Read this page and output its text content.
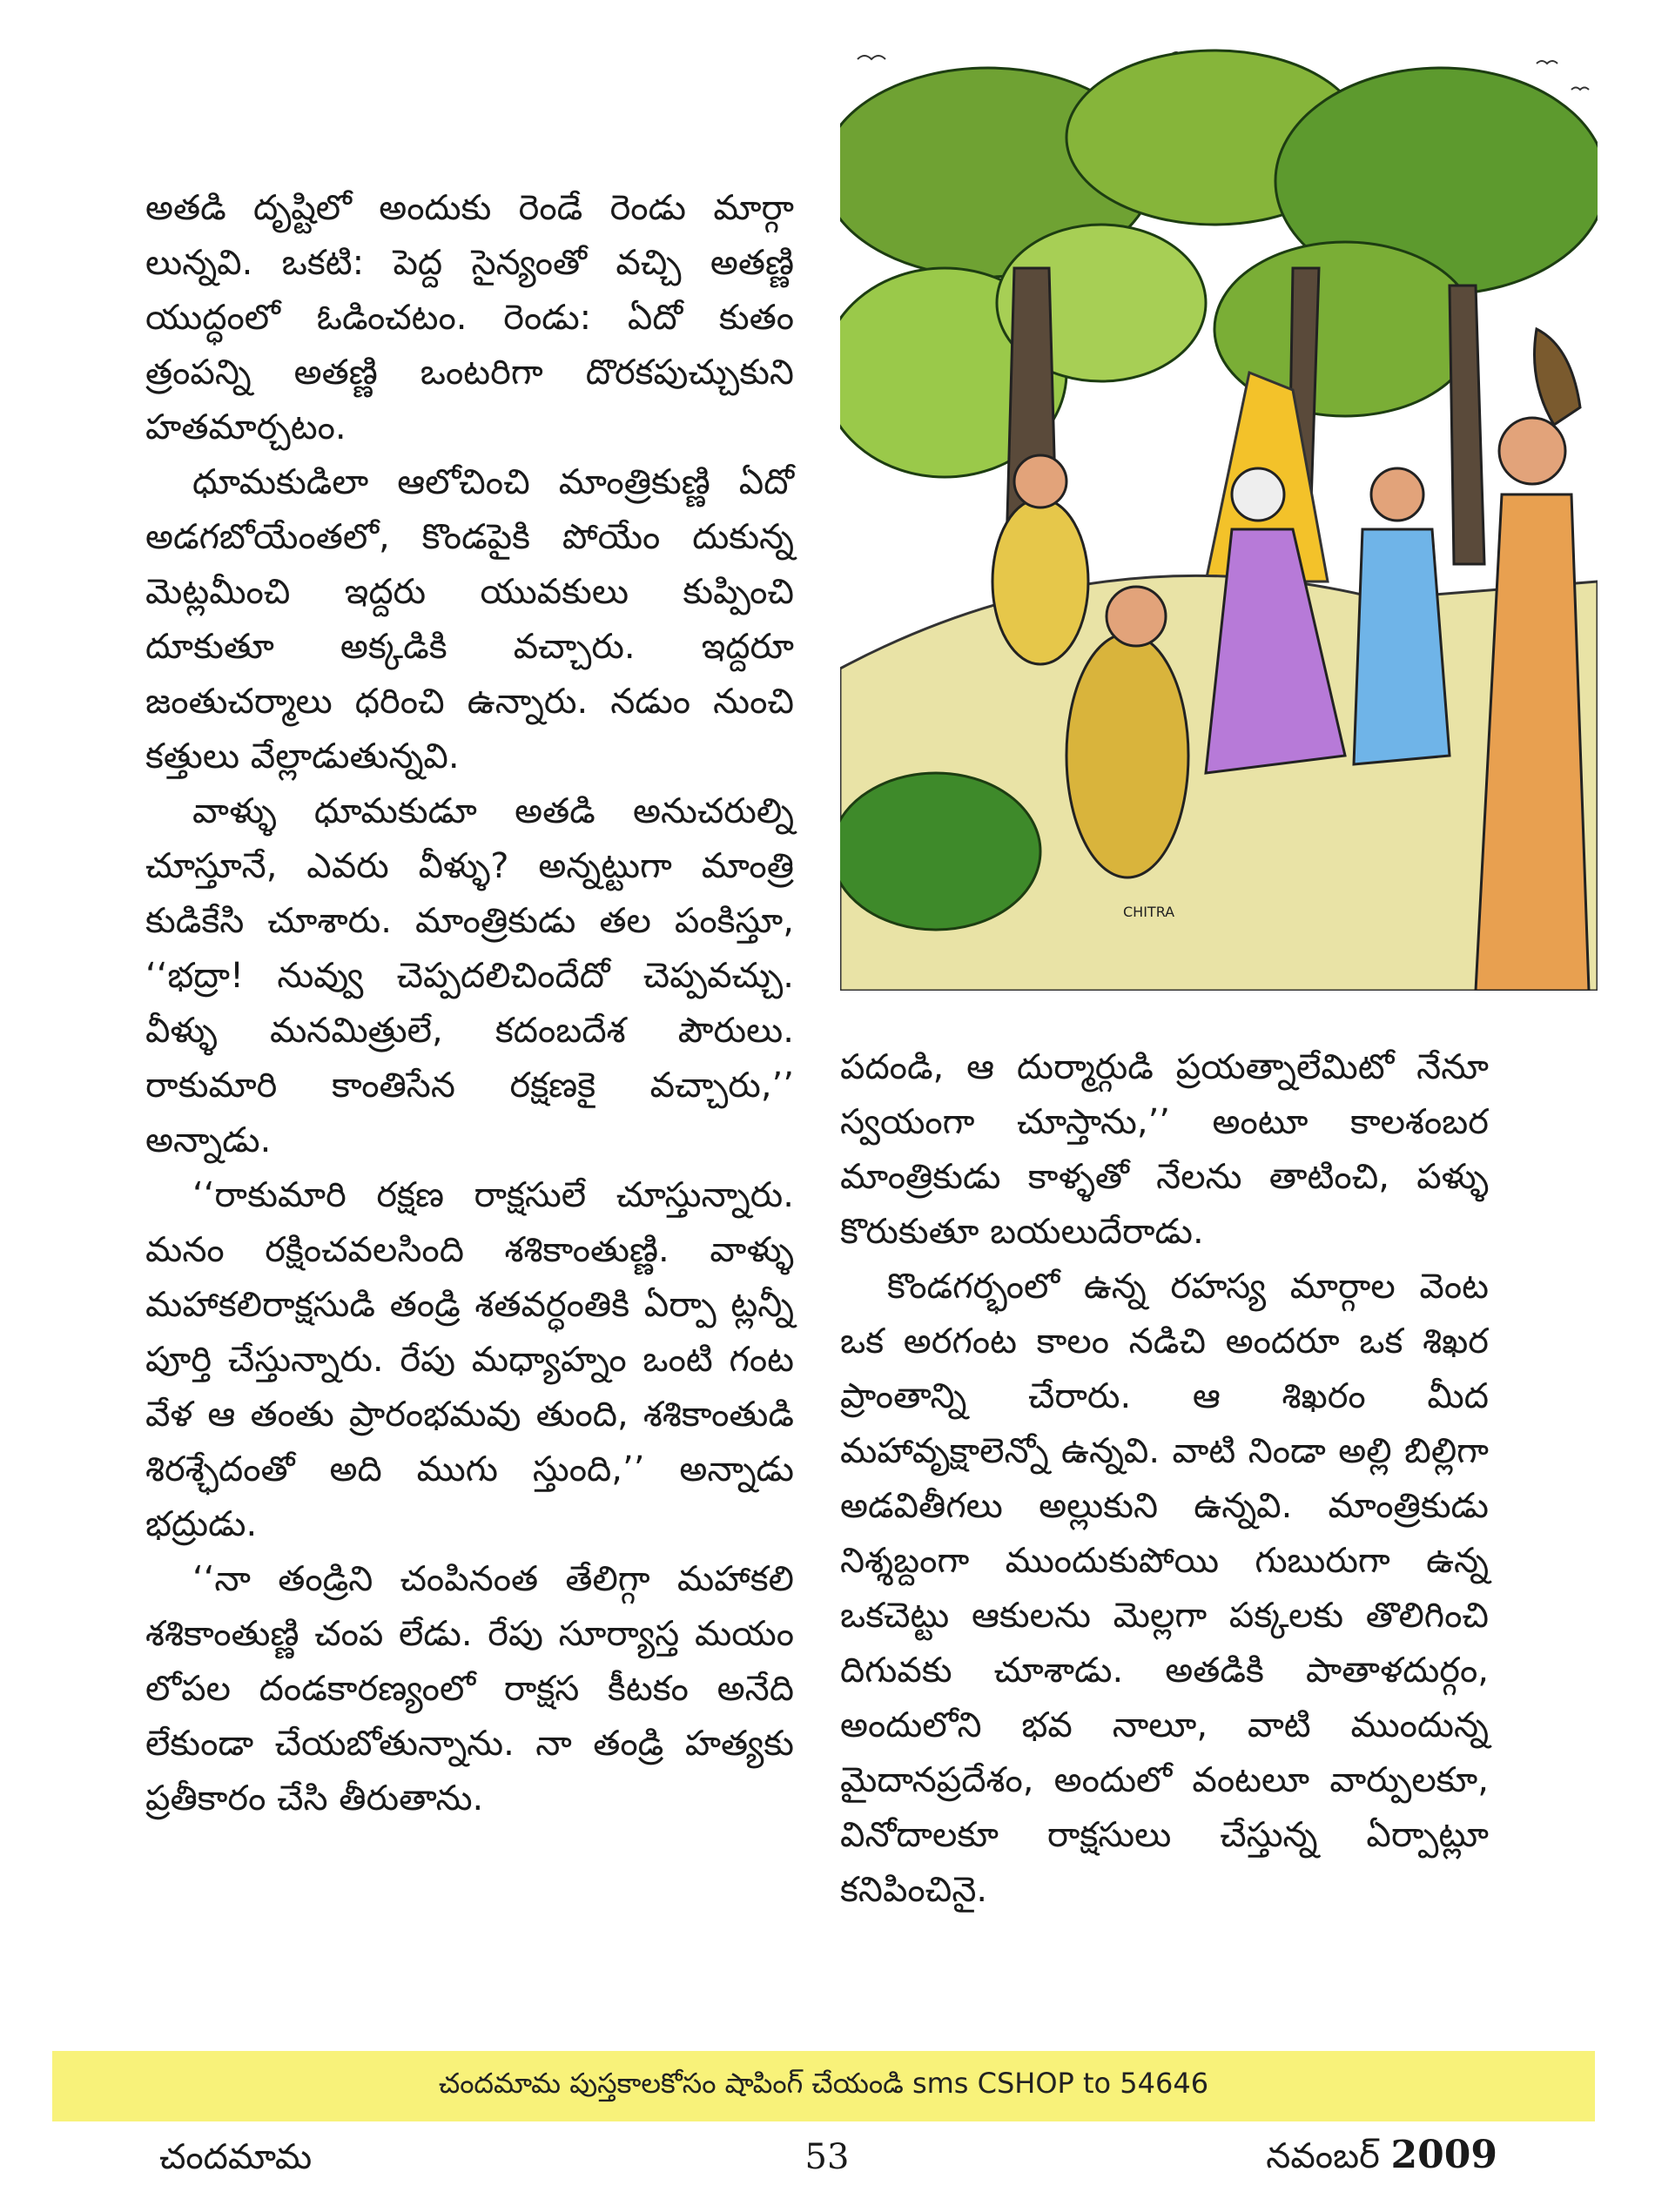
అతడి దృష్టిలో అందుకు రెండే రెండు మార్గా లున్నవి. ఒకటి: పెద్ద సైన్యంతో వచ్చి అతణ్ణి యుద్ధంలో ఓడించటం. రెండు: ఏదో కుతం త్రంపన్ని అతణ్ణి ఒంటరిగా దొరకపుచ్చుకుని హతమార్చటం.

ధూమకుడిలా ఆలోచించి మాంత్రికుణ్ణి ఏదో అడగబోయేంతలో, కొండపైకి పోయేం దుకున్న మెట్లమీంచి ఇద్దరు యువకులు కుప్పించి దూకుతూ అక్కడికి వచ్చారు. ఇద్దరూ జంతుచర్మాలు ధరించి ఉన్నారు. నడుం నుంచి కత్తులు వేల్లాడుతున్నవి.

వాళ్ళు ధూమకుడూ అతడి అనుచరుల్ని చూస్తూనే, ఎవరు వీళ్ళు? అన్నట్టుగా మాంత్రి కుడికేసి చూశారు. మాంత్రికుడు తల పంకిస్తూ, ‘‘భద్రా! నువ్వు చెప్పదలిచిందేదో చెప్పవచ్చు. వీళ్ళు మనమిత్రులే, కదంబదేశ పౌరులు. రాకుమారి కాంతిసేన రక్షణకై వచ్చారు,’’ అన్నాడు.

‘‘రాకుమారి రక్షణ రాక్షసులే చూస్తున్నారు. మనం రక్షించవలసింది శశికాంతుణ్ణి. వాళ్ళు మహాకలిరాక్షసుడి తండ్రి శతవర్ధంతికి ఏర్పా ట్లన్నీ పూర్తి చేస్తున్నారు. రేపు మధ్యాహ్నం ఒంటి గంట వేళ ఆ తంతు ప్రారంభమవు తుంది, శశికాంతుడి శిరశ్ఛేదంతో అది ముగు స్తుంది,’’ అన్నాడు భద్రుడు.

‘‘నా తండ్రిని చంపినంత తేలిగ్గా మహాకలి శశికాంతుణ్ణి చంప లేడు. రేపు సూర్యాస్త మయం లోపల దండకారణ్యంలో రాక్షస కీటకం అనేది లేకుండా చేయబోతున్నాను. నా తండ్రి హత్యకు ప్రతీకారం చేసి తీరుతాను.

CHITRA

పదండి, ఆ దుర్మార్గుడి ప్రయత్నాలేమిటో నేనూ స్వయంగా చూస్తాను,’’ అంటూ కాలశంబర మాంత్రికుడు కాళ్ళతో నేలను తాటించి, పళ్ళు కొరుకుతూ బయలుదేరాడు.

కొండగర్భంలో ఉన్న రహస్య మార్గాల వెంట ఒక అరగంట కాలం నడిచి అందరూ ఒక శిఖర ప్రాంతాన్ని చేరారు. ఆ శిఖరం మీద మహావృక్షాలెన్నో ఉన్నవి. వాటి నిండా అల్లి బిల్లిగా అడవితీగలు అల్లుకుని ఉన్నవి. మాంత్రికుడు నిశ్శబ్దంగా ముందుకుపోయి గుబురుగా ఉన్న ఒకచెట్టు ఆకులను మెల్లగా పక్కలకు తొలిగించి దిగువకు చూశాడు. అతడికి పాతాళదుర్గం, అందులోని భవ నాలూ, వాటి ముందున్న మైదానప్రదేశం, అందులో వంటలూ వార్పులకూ, వినోదాలకూ రాక్షసులు చేస్తున్న ఏర్పాట్లూ కనిపించినై.

చందమామ పుస్తకాలకోసం షాపింగ్ చేయండి sms CSHOP to 54646
చందమామ	53	నవంబర్ 2009
